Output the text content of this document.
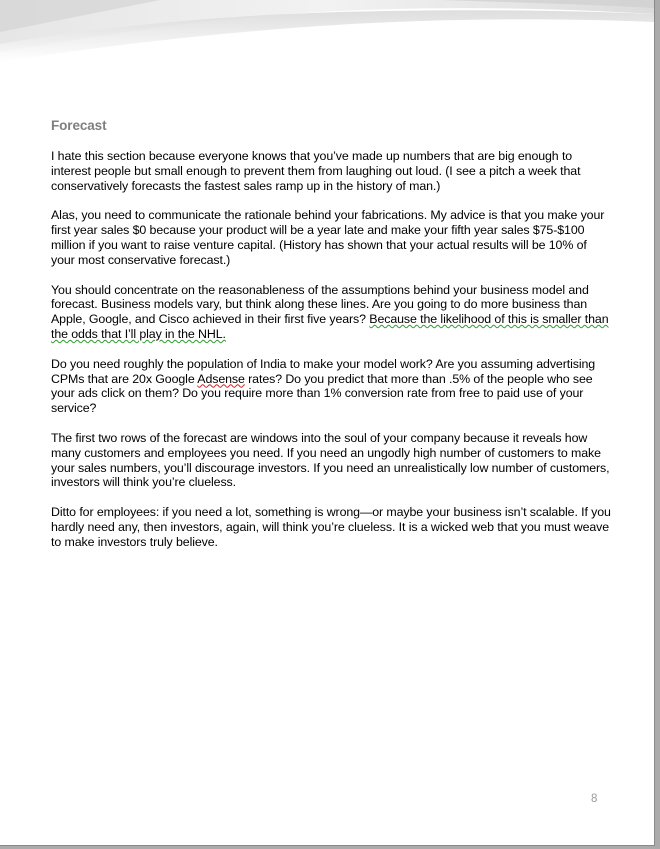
Forecast

I hate this section because everyone knows that you’ve made up numbers that are big enough to interest people but small enough to prevent them from laughing out loud. (I see a pitch a week that conservatively forecasts the fastest sales ramp up in the history of man.)

Alas, you need to communicate the rationale behind your fabrications. My advice is that you make your first year sales $0 because your product will be a year late and make your fifth year sales $75-$100 million if you want to raise venture capital. (History has shown that your actual results will be 10% of your most conservative forecast.)

You should concentrate on the reasonableness of the assumptions behind your business model and forecast. Business models vary, but think along these lines. Are you going to do more business than Apple, Google, and Cisco achieved in their first five years? Because the likelihood of this is smaller than the odds that I’ll play in the NHL.

Do you need roughly the population of India to make your model work? Are you assuming advertising CPMs that are 20x Google Adsense rates? Do you predict that more than .5% of the people who see your ads click on them? Do you require more than 1% conversion rate from free to paid use of your service?

The first two rows of the forecast are windows into the soul of your company because it reveals how many customers and employees you need. If you need an ungodly high number of customers to make your sales numbers, you’ll discourage investors. If you need an unrealistically low number of customers, investors will think you’re clueless.

Ditto for employees: if you need a lot, something is wrong—or maybe your business isn’t scalable. If you hardly need any, then investors, again, will think you’re clueless. It is a wicked web that you must weave to make investors truly believe.

8
